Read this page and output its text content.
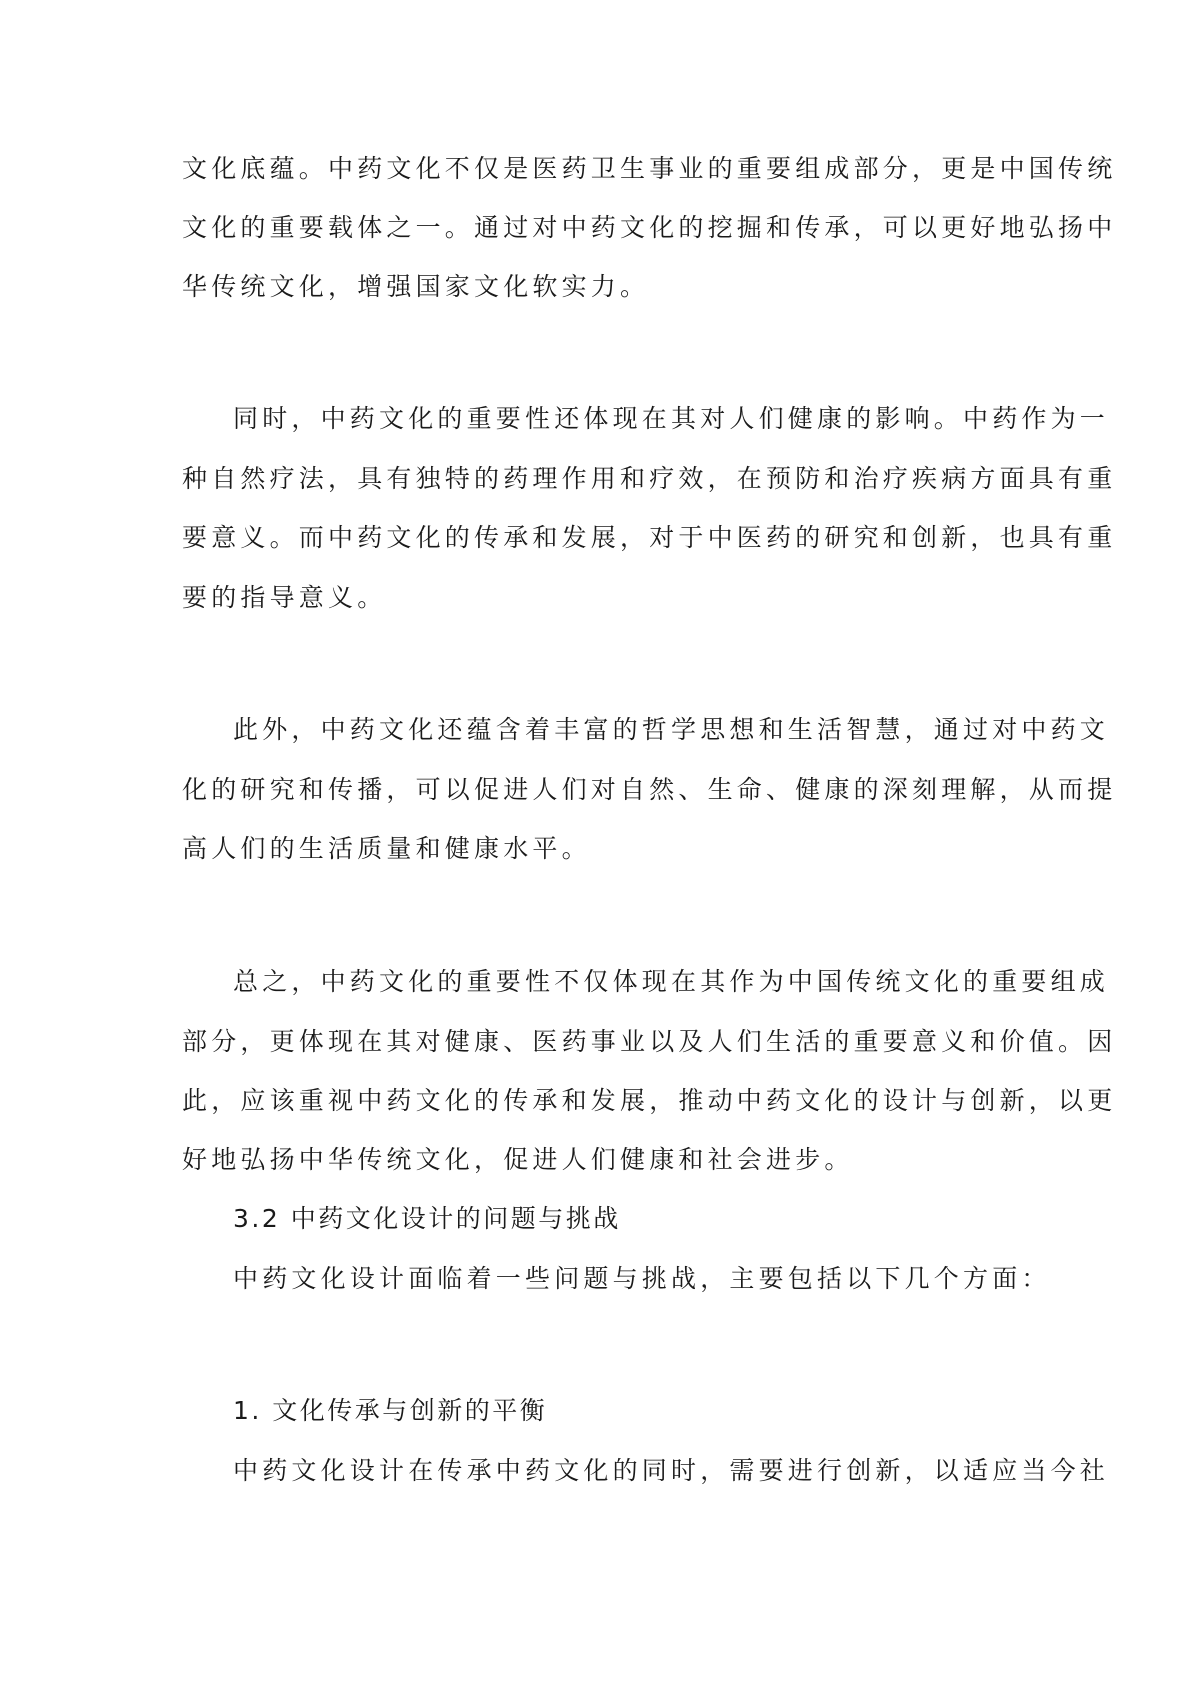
文化底蕴。中药文化不仅是医药卫生事业的重要组成部分，更是中国传统
文化的重要载体之一。通过对中药文化的挖掘和传承，可以更好地弘扬中
华传统文化，增强国家文化软实力。
同时，中药文化的重要性还体现在其对人们健康的影响。中药作为一
种自然疗法，具有独特的药理作用和疗效，在预防和治疗疾病方面具有重
要意义。而中药文化的传承和发展，对于中医药的研究和创新，也具有重
要的指导意义。
此外，中药文化还蕴含着丰富的哲学思想和生活智慧，通过对中药文
化的研究和传播，可以促进人们对自然、生命、健康的深刻理解，从而提
高人们的生活质量和健康水平。
总之，中药文化的重要性不仅体现在其作为中国传统文化的重要组成
部分，更体现在其对健康、医药事业以及人们生活的重要意义和价值。因
此，应该重视中药文化的传承和发展，推动中药文化的设计与创新，以更
好地弘扬中华传统文化，促进人们健康和社会进步。
3.2 中药文化设计的问题与挑战
中药文化设计面临着一些问题与挑战，主要包括以下几个方面：
1. 文化传承与创新的平衡
中药文化设计在传承中药文化的同时，需要进行创新，以适应当今社
